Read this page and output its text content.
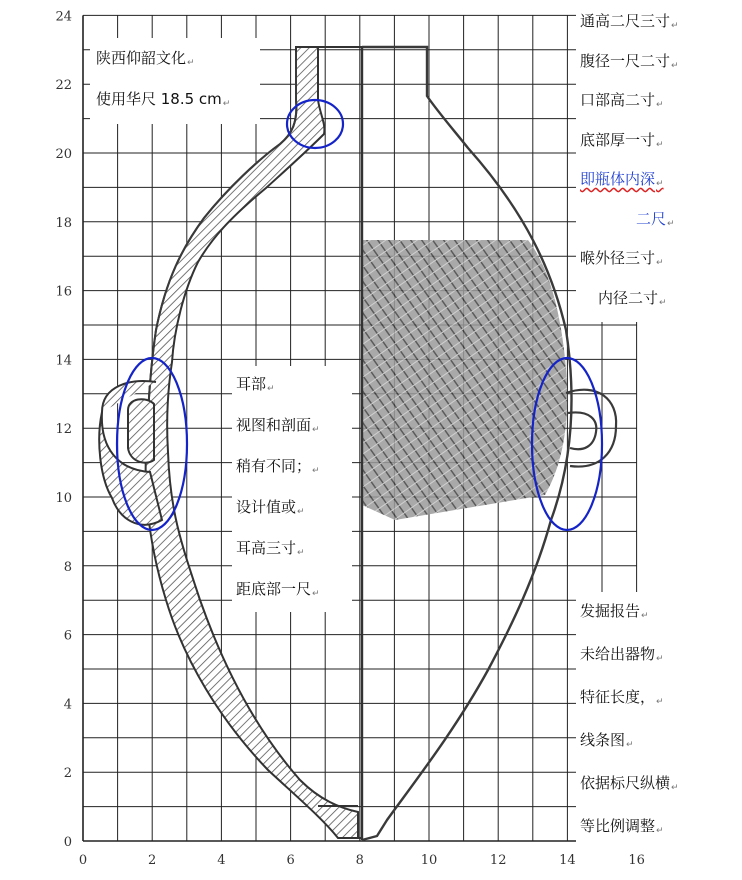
0	2	4	6	8	10	12	14	16
0
2
4
6
8
10
12
14
16
18
20
22
24
陕西仰韶文化 ↵
使用华尺 18.5 cm ↵
耳部 ↵
视图和剖面 ↵
稍有不同； ↵
设计值或 ↵
耳高三寸 ↵
距底部一尺 ↵
通高二尺三寸 ↵
腹径一尺二寸 ↵
口部高二寸 ↵
底部厚一寸 ↵
即瓶体内深 ↵
二尺 ↵
喉外径三寸 ↵
内径二寸 ↵
发掘报告 ↵
未给出器物 ↵
特征长度， ↵
线条图 ↵
依据标尺纵横 ↵
等比例调整 ↵
